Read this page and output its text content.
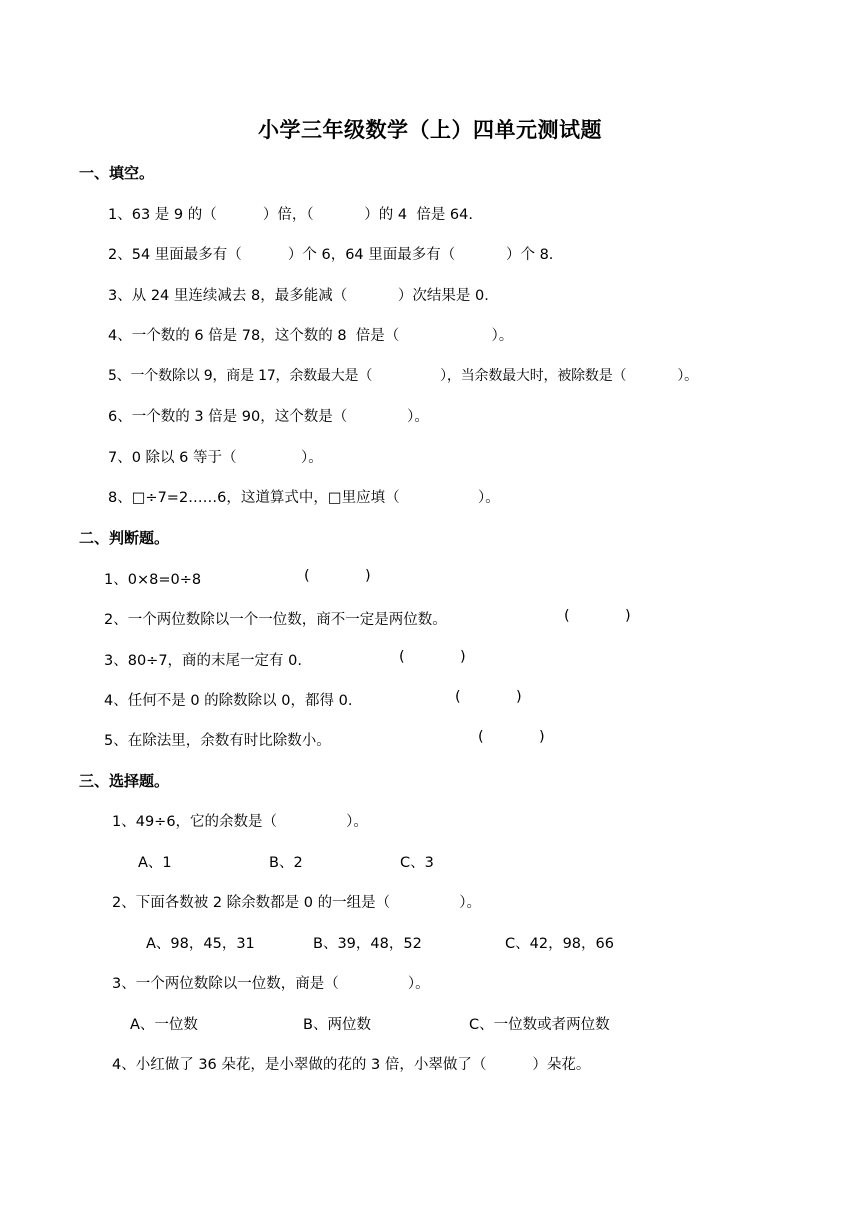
小学三年级数学（上）四单元测试题
一、填空。
1、63 是 9 的（          ）倍，（           ）的 4  倍是 64.
2、54 里面最多有（          ）个 6，64 里面最多有（           ）个 8.
3、从 24 里连续减去 8，最多能减（           ）次结果是 0.
4、一个数的 6 倍是 78，这个数的 8  倍是（                    ）。
5、一个数除以 9，商是 17，余数最大是（                ），当余数最大时，被除数是（            ）。
6、一个数的 3 倍是 90，这个数是（             ）。
7、0 除以 6 等于（              ）。
8、□÷7=2……6，这道算式中，□里应填（                 ）。
二、判断题。
1、0×8=0÷8	(            )
2、一个两位数除以一个一位数，商不一定是两位数。	(            )
3、80÷7，商的末尾一定有 0.	(            )
4、任何不是 0 的除数除以 0，都得 0.	(            )
5、在除法里，余数有时比除数小。	(            )
三、选择题。
1、49÷6，它的余数是（               ）。
A、1	B、2	C、3
2、下面各数被 2 除余数都是 0 的一组是（               ）。
A、98，45，31	B、39，48，52	C、42，98，66
3、一个两位数除以一位数，商是（               ）。
A、一位数	B、两位数	C、一位数或者两位数
4、小红做了 36 朵花，是小翠做的花的 3 倍，小翠做了（          ）朵花。
